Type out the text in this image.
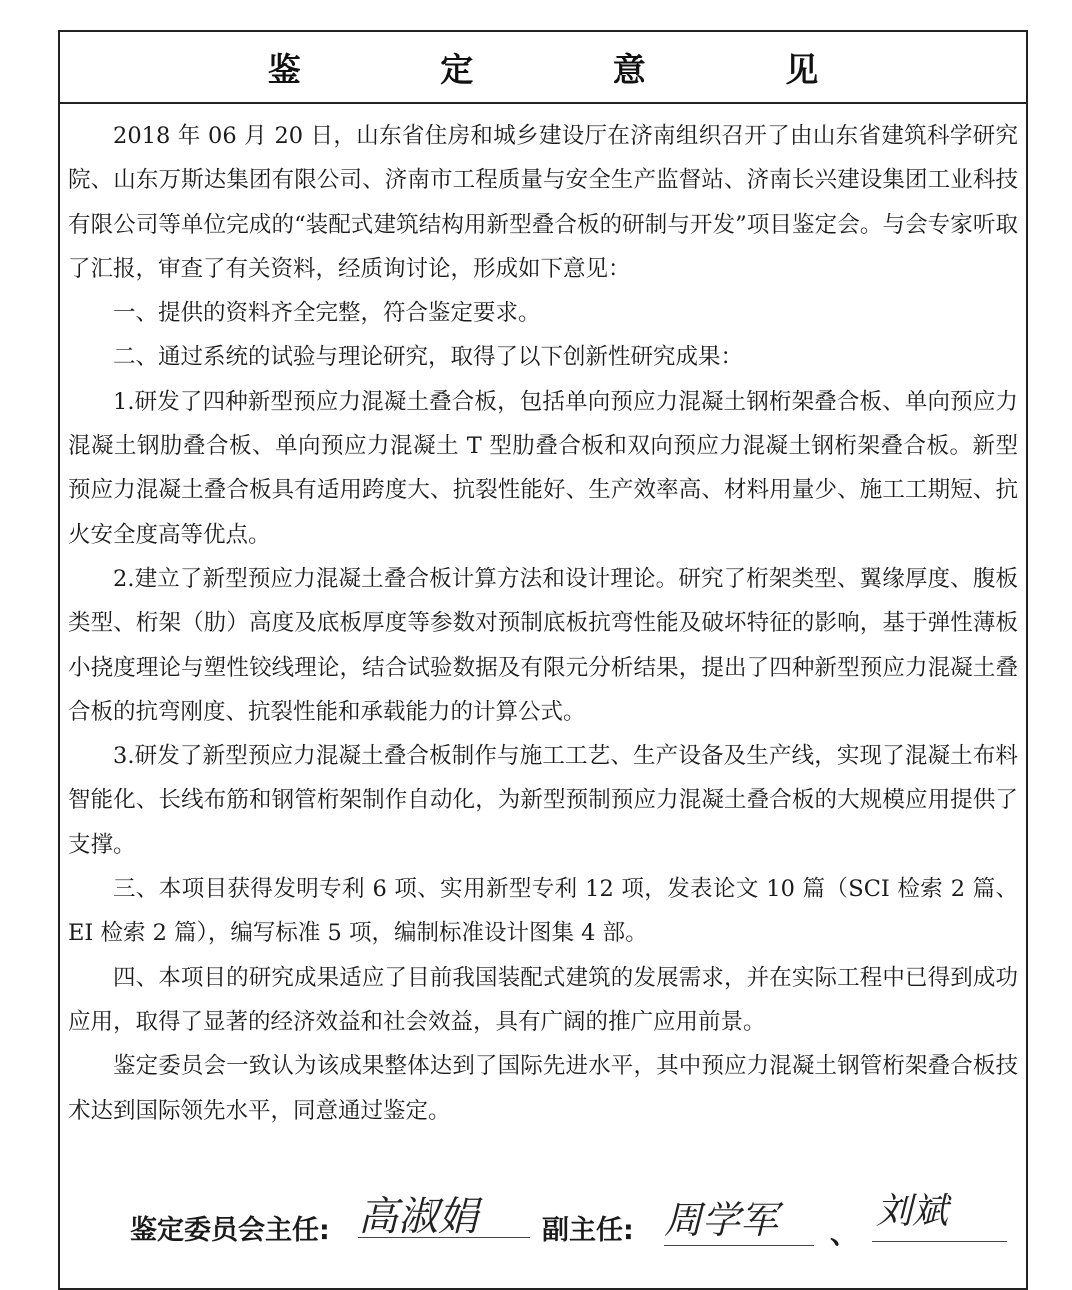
鉴 定 意 见

2018 年 06 月 20 日，山东省住房和城乡建设厅在济南组织召开了由山东省建筑科学研究院、山东万斯达集团有限公司、济南市工程质量与安全生产监督站、济南长兴建设集团工业科技有限公司等单位完成的“装配式建筑结构用新型叠合板的研制与开发”项目鉴定会。与会专家听取了汇报，审查了有关资料，经质询讨论，形成如下意见：

一、提供的资料齐全完整，符合鉴定要求。

二、通过系统的试验与理论研究，取得了以下创新性研究成果：

1.研发了四种新型预应力混凝土叠合板，包括单向预应力混凝土钢桁架叠合板、单向预应力混凝土钢肋叠合板、单向预应力混凝土 T 型肋叠合板和双向预应力混凝土钢桁架叠合板。新型预应力混凝土叠合板具有适用跨度大、抗裂性能好、生产效率高、材料用量少、施工工期短、抗火安全度高等优点。

2.建立了新型预应力混凝土叠合板计算方法和设计理论。研究了桁架类型、翼缘厚度、腹板类型、桁架（肋）高度及底板厚度等参数对预制底板抗弯性能及破坏特征的影响，基于弹性薄板小挠度理论与塑性铰线理论，结合试验数据及有限元分析结果，提出了四种新型预应力混凝土叠合板的抗弯刚度、抗裂性能和承载能力的计算公式。

3.研发了新型预应力混凝土叠合板制作与施工工艺、生产设备及生产线，实现了混凝土布料智能化、长线布筋和钢管桁架制作自动化，为新型预制预应力混凝土叠合板的大规模应用提供了支撑。

三、本项目获得发明专利 6 项、实用新型专利 12 项，发表论文 10 篇（SCI 检索 2 篇、EI 检索 2 篇），编写标准 5 项，编制标准设计图集 4 部。

四、本项目的研究成果适应了目前我国装配式建筑的发展需求，并在实际工程中已得到成功应用，取得了显著的经济效益和社会效益，具有广阔的推广应用前景。

鉴定委员会一致认为该成果整体达到了国际先进水平，其中预应力混凝土钢管桁架叠合板技术达到国际领先水平，同意通过鉴定。

鉴定委员会主任: 高淑娟 副主任: 周学军 、
刘斌
